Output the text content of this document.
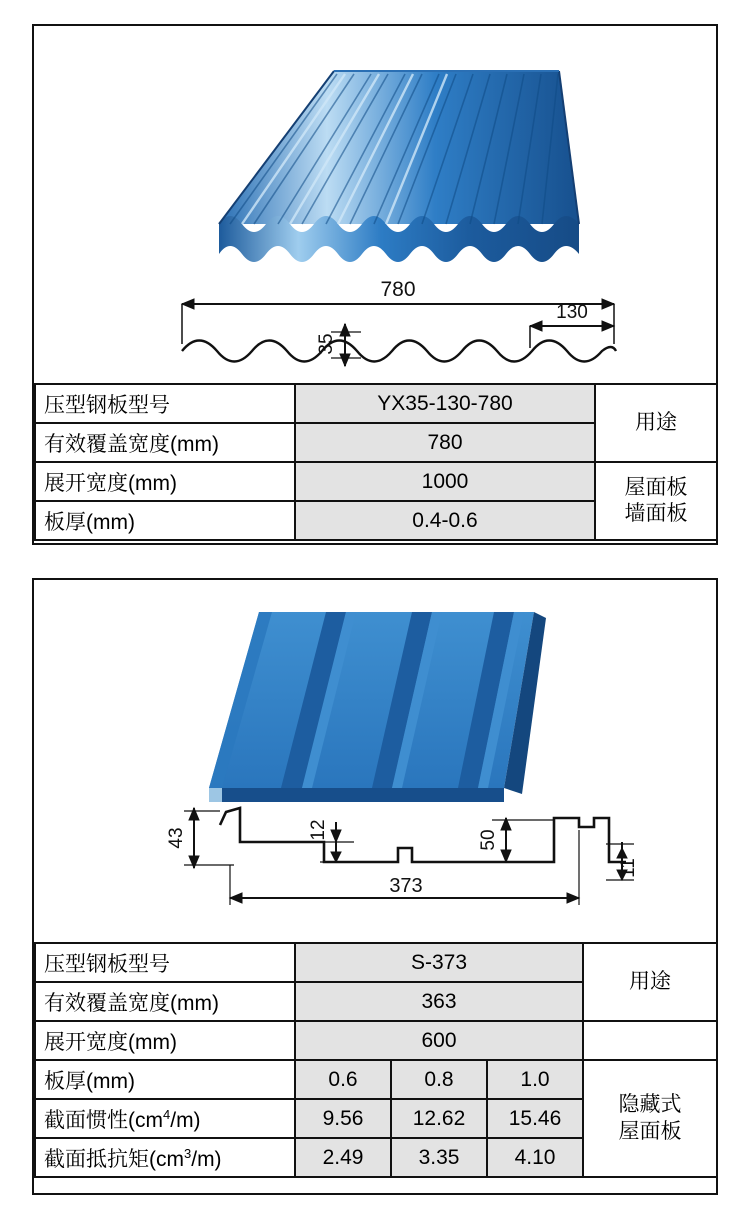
780
130
35
压型钢板型号	YX35-130-780	用途
有效覆盖宽度(mm)	780	
展开宽度(mm)	1000	屋面板
墙面板
板厚(mm)	0.4-0.6	
43	12	50
11
373
压型钢板型号	S-373			用途
有效覆盖宽度(mm)	363			
展开宽度(mm)	600			
板厚(mm)	0.6	0.8	1.0	隐藏式
屋面板
截面惯性$(cm^4/m)$	9.56	12.62	15.46	
截面抵抗矩$(cm^3/m)$	2.49	3.35	4.10	
